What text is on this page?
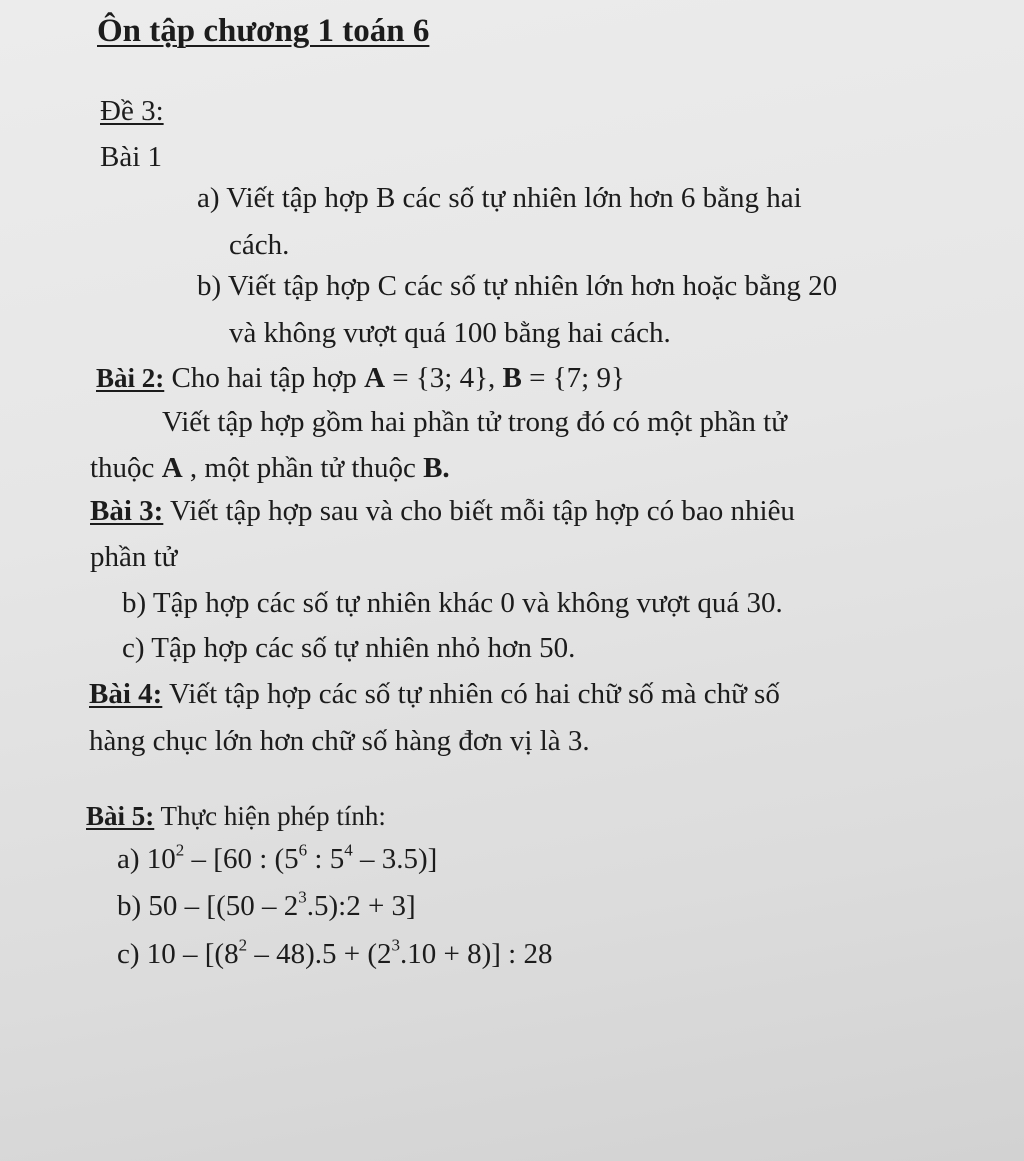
Ôn tập chương 1 toán 6
Đề 3:
Bài 1
a) Viết tập hợp B các số tự nhiên lớn hơn 6 bằng hai
cách.
b) Viết tập hợp C các số tự nhiên lớn hơn hoặc bằng 20
và không vượt quá 100 bằng hai cách.
Bài 2: Cho hai tập hợp A = {3; 4}, B = {7; 9}
Viết tập hợp gồm hai phần tử trong đó có một phần tử
thuộc A , một phần tử thuộc B.
Bài 3: Viết tập hợp sau và cho biết mỗi tập hợp có bao nhiêu
phần tử
b) Tập hợp các số tự nhiên khác 0 và không vượt quá 30.
c) Tập hợp các số tự nhiên nhỏ hơn 50.
Bài 4: Viết tập hợp các số tự nhiên có hai chữ số mà chữ số
hàng chục lớn hơn chữ số hàng đơn vị là 3.
Bài 5: Thực hiện phép tính:
a) $10^2 - [60$ : ($5^6$ : $5^4 - 3.5$)]
b) $50 - [(50 - 2^3.5):2 + 3]$
c) $10 - [(8^2 - 48).5 + (2^3.10 + 8)]$ : 28
